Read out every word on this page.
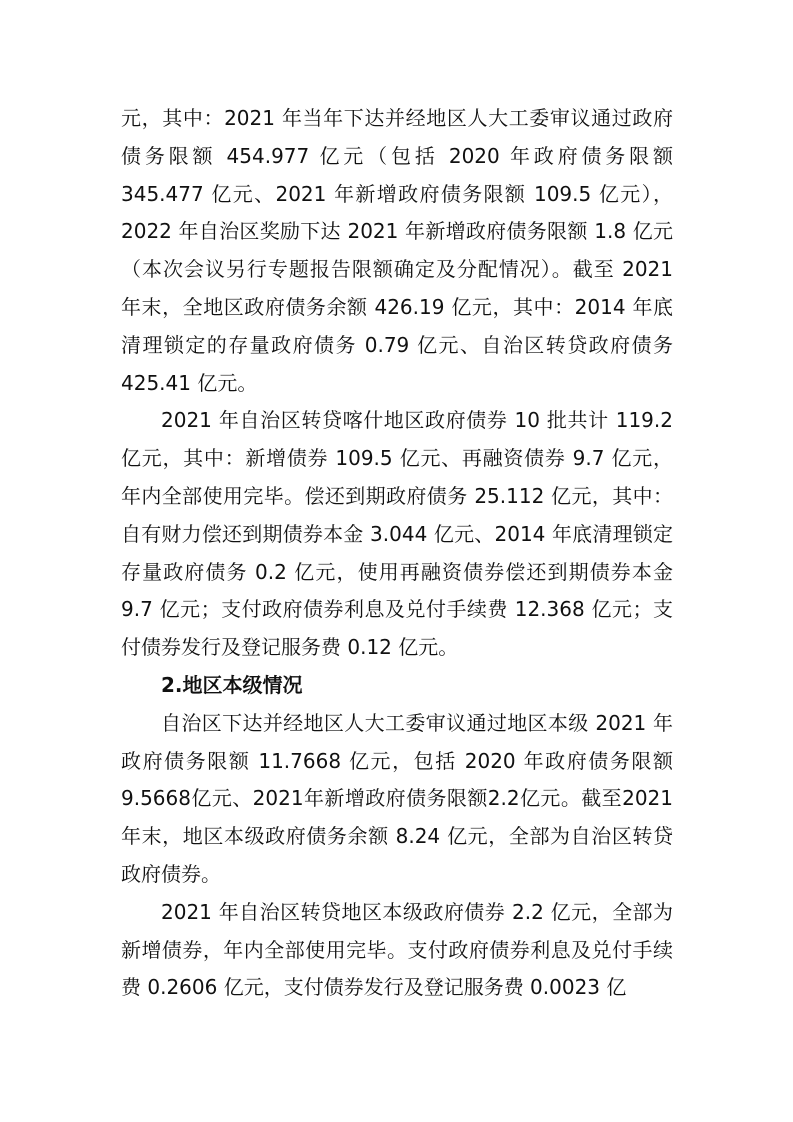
元，其中：2021 年当年下达并经地区人大工委审议通过政府债务限额 454.977 亿元（包括 2020 年政府债务限额 345.477 亿元、2021 年新增政府债务限额 109.5 亿元），2022 年自治区奖励下达 2021 年新增政府债务限额 1.8 亿元（本次会议另行专题报告限额确定及分配情况）。截至 2021 年末，全地区政府债务余额 426.19 亿元，其中：2014 年底清理锁定的存量政府债务 0.79 亿元、自治区转贷政府债务 425.41 亿元。

2021 年自治区转贷喀什地区政府债券 10 批共计 119.2 亿元，其中：新增债券 109.5 亿元、再融资债券 9.7 亿元，年内全部使用完毕。偿还到期政府债务 25.112 亿元，其中：自有财力偿还到期债券本金 3.044 亿元、2014 年底清理锁定存量政府债务 0.2 亿元，使用再融资债券偿还到期债券本金 9.7 亿元；支付政府债券利息及兑付手续费 12.368 亿元；支付债券发行及登记服务费 0.12 亿元。

2.地区本级情况

自治区下达并经地区人大工委审议通过地区本级 2021 年政府债务限额 11.7668 亿元，包括 2020 年政府债务限额 9.5668亿元、2021年新增政府债务限额2.2亿元。截至2021年末，地区本级政府债务余额 8.24 亿元，全部为自治区转贷政府债券。

2021 年自治区转贷地区本级政府债券 2.2 亿元，全部为新增债券，年内全部使用完毕。支付政府债券利息及兑付手续费 0.2606 亿元，支付债券发行及登记服务费 0.0023 亿
